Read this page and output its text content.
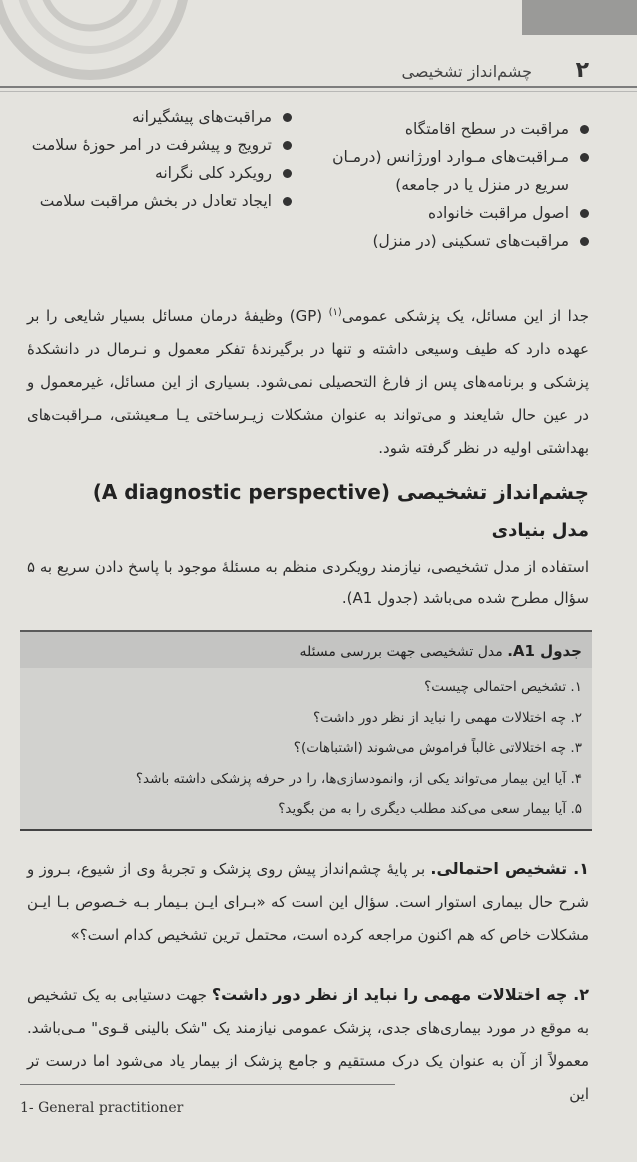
۲
چشم‌انداز تشخیصی
مراقبت در سطح اقامتگاه
مـراقبت‌های مـوارد اورژانس (درمـان
سریع در منزل یا در جامعه)
اصول مراقبت خانواده
مراقبت‌های تسکینی (در منزل)
مراقبت‌های پیشگیرانه
ترویج و پیشرفت در امر حوزهٔ سلامت
رویکرد کلی نگرانه
ایجاد تعادل در بخش مراقبت سلامت
جدا از این مسائل، یک پزشکی عمومی$^{(۱)}$ (GP) وظیفهٔ درمان مسائل بسیار شایعی را بر عهده دارد که طیف وسیعی داشته و تنها در برگیرندهٔ تفکر معمول و نـرمال در دانشکدهٔ پزشکی و برنامه‌های پس از فارغ التحصیلی نمی‌شود. بسیاری از این مسائل، غیرمعمول و در عین حال شایعند و می‌تواند به عنوان مشکلات زیـرساختی یـا مـعیشتی، مـراقبت‌های بهداشتی اولیه در نظر گرفته شود.
چشم‌انداز تشخیصی (A diagnostic perspective)
مدل بنیادی
استفاده از مدل تشخیصی، نیازمند رویکردی منظم به مسئلهٔ موجود با پاسخ دادن سریع به ۵ سؤال مطرح شده می‌باشد (جدول A1).
جدول A1. مدل تشخیصی جهت بررسی مسئله
۱. تشخیص احتمالی چیست؟
۲. چه اختلالات مهمی را نباید از نظر دور داشت؟
۳. چه اختلالاتی غالباً فراموش می‌شوند (اشتباهات)؟
۴. آیا این بیمار می‌تواند یکی از، وانمودسازی‌ها، را در حرفه پزشکی داشته باشد؟
۵. آیا بیمار سعی می‌کند مطلب دیگری را به من بگوید؟
۱. تشخیص احتمالی. بر پایهٔ چشم‌انداز پیش روی پزشک و تجربهٔ وی از شیوع، بـروز و شرح حال بیماری استوار است. سؤال این است که «بـرای ایـن بـیمار بـه خـصوص بـا ایـن مشکلات خاص که هم اکنون مراجعه کرده است، محتمل ترین تشخیص کدام است؟»
۲. چه اختلالات مهمی را نباید از نظر دور داشت؟ جهت دستیابی به یک تشخیص به موقع در مورد بیماری‌های جدی، پزشک عمومی نیازمند یک "شک بالینی قـوی" مـی‌باشد. معمولاً از آن به عنوان یک درک مستقیم و جامع پزشک از بیمار یاد می‌شود اما درست تر این
1- General practitioner
